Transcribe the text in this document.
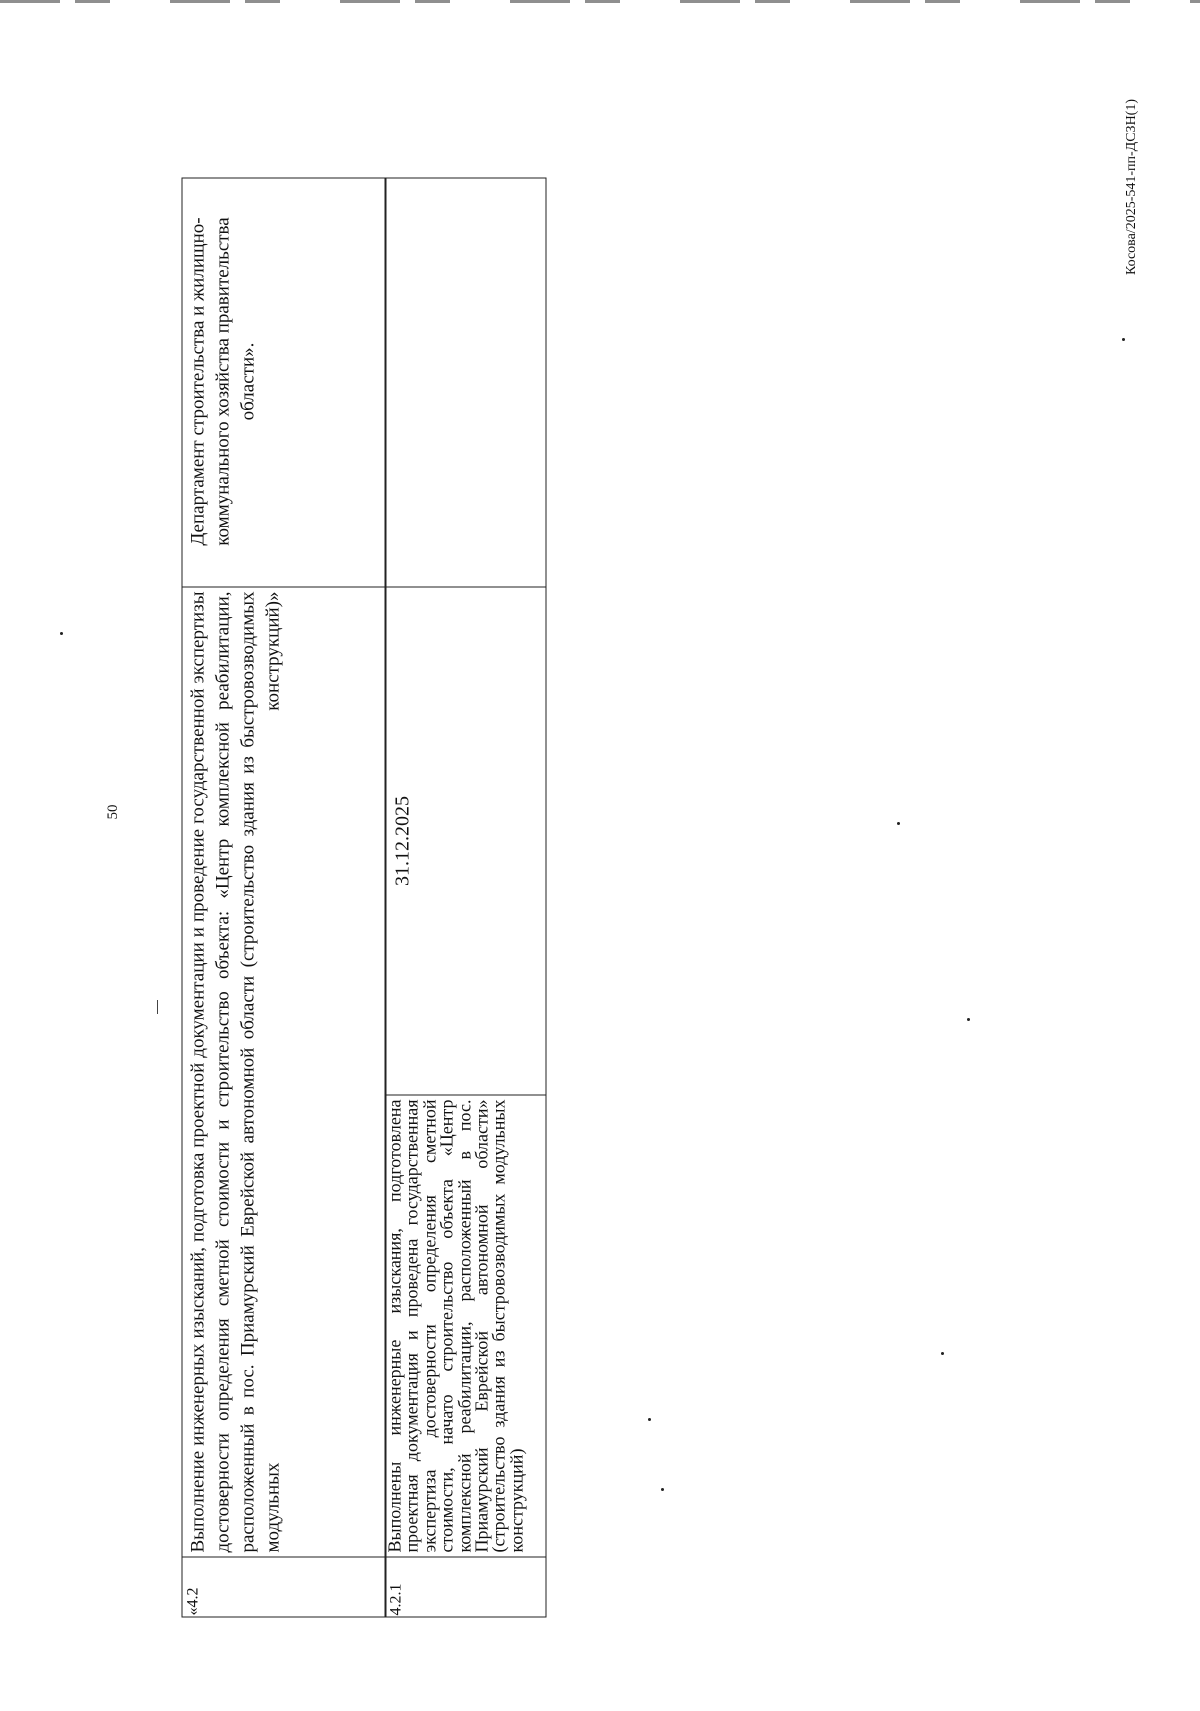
50
Косова/2025-541-пп-ДСЗН(1)
«4.2
Выполнение инженерных изысканий, подготовка проектной документации и проведение государственной экспертизы достоверности определения сметной стоимости и строительство объекта: «Центр комплексной реабилитации, расположенный в пос. Приамурский Еврейской автономной области (строительство здания из быстровозводимых модульных конструкций)»
Департамент строительства и жилищно-коммунального хозяйства правительства области».
4.2.1
Выполнены инженерные изыскания, подготовлена проектная документация и проведена государственная экспертиза достоверности определения сметной стоимости, начато строительство объекта «Центр комплексной реабилитации, расположенный в пос. Приамурский Еврейской автономной области» (строительство здания из быстровозводимых модульных конструкций)
31.12.2025
